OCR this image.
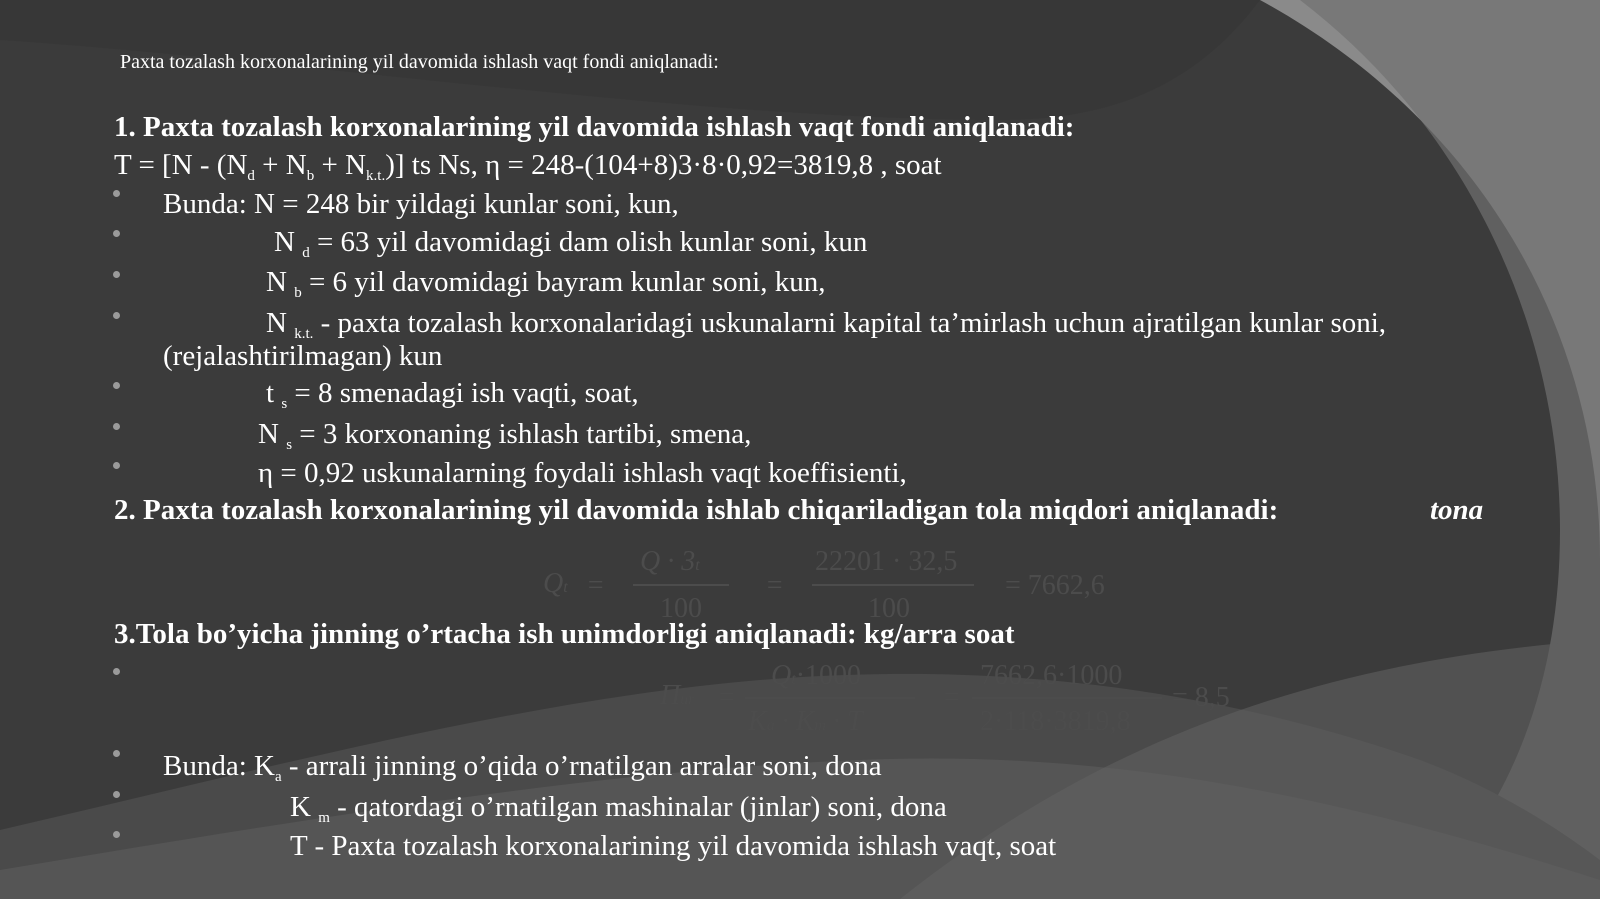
Paxta tozalash korxonalarining yil davomida ishlash vaqt fondi aniqlanadi:
1. Paxta tozalash korxonalarining yil davomida ishlash vaqt fondi aniqlanadi:
$T = [N - (N_d + N_b + N_{k.t.})]$ ts Ns, η = 248-(104+8)3·8·0,92=3819,8 , soat
Bunda: N = 248 bir yildagi kunlar soni, kun,
N $_d$ = 63 yil davomidagi dam olish kunlar soni, kun
N $_b$ = 6 yil davomidagi bayram kunlar soni, kun,
N $_{k.t.}$ - paxta tozalash korxonalaridagi uskunalarni kapital ta’mirlash uchun ajratilgan kunlar soni,
(rejalashtirilmagan) kun
t $_s$ = 8 smenadagi ish vaqti, soat,
N $_s$ = 3 korxonaning ishlash tartibi, smena,
η = 0,92 uskunalarning foydali ishlash vaqt koeffisienti,
2. Paxta tozalash korxonalarining yil davomida ishlab chiqariladigan tola miqdori aniqlanadi:	tona
Qt =
Q · 3t
100
=
22201 · 32,5
100
= 7662,6
3.Tola bo’yicha jinning o’rtacha ish unimdorligi aniqlanadi: kg/arra soat
Пur =
Qt·1000
Ka · Km · T
=
7662,6·1000
2·118·3819,8
= 8,5
Bunda: $K_a$ - arrali jinning o’qida o’rnatilgan arralar soni, dona
K $_m$ - qatordagi o’rnatilgan mashinalar (jinlar) soni, dona
T - Paxta tozalash korxonalarining yil davomida ishlash vaqt, soat
